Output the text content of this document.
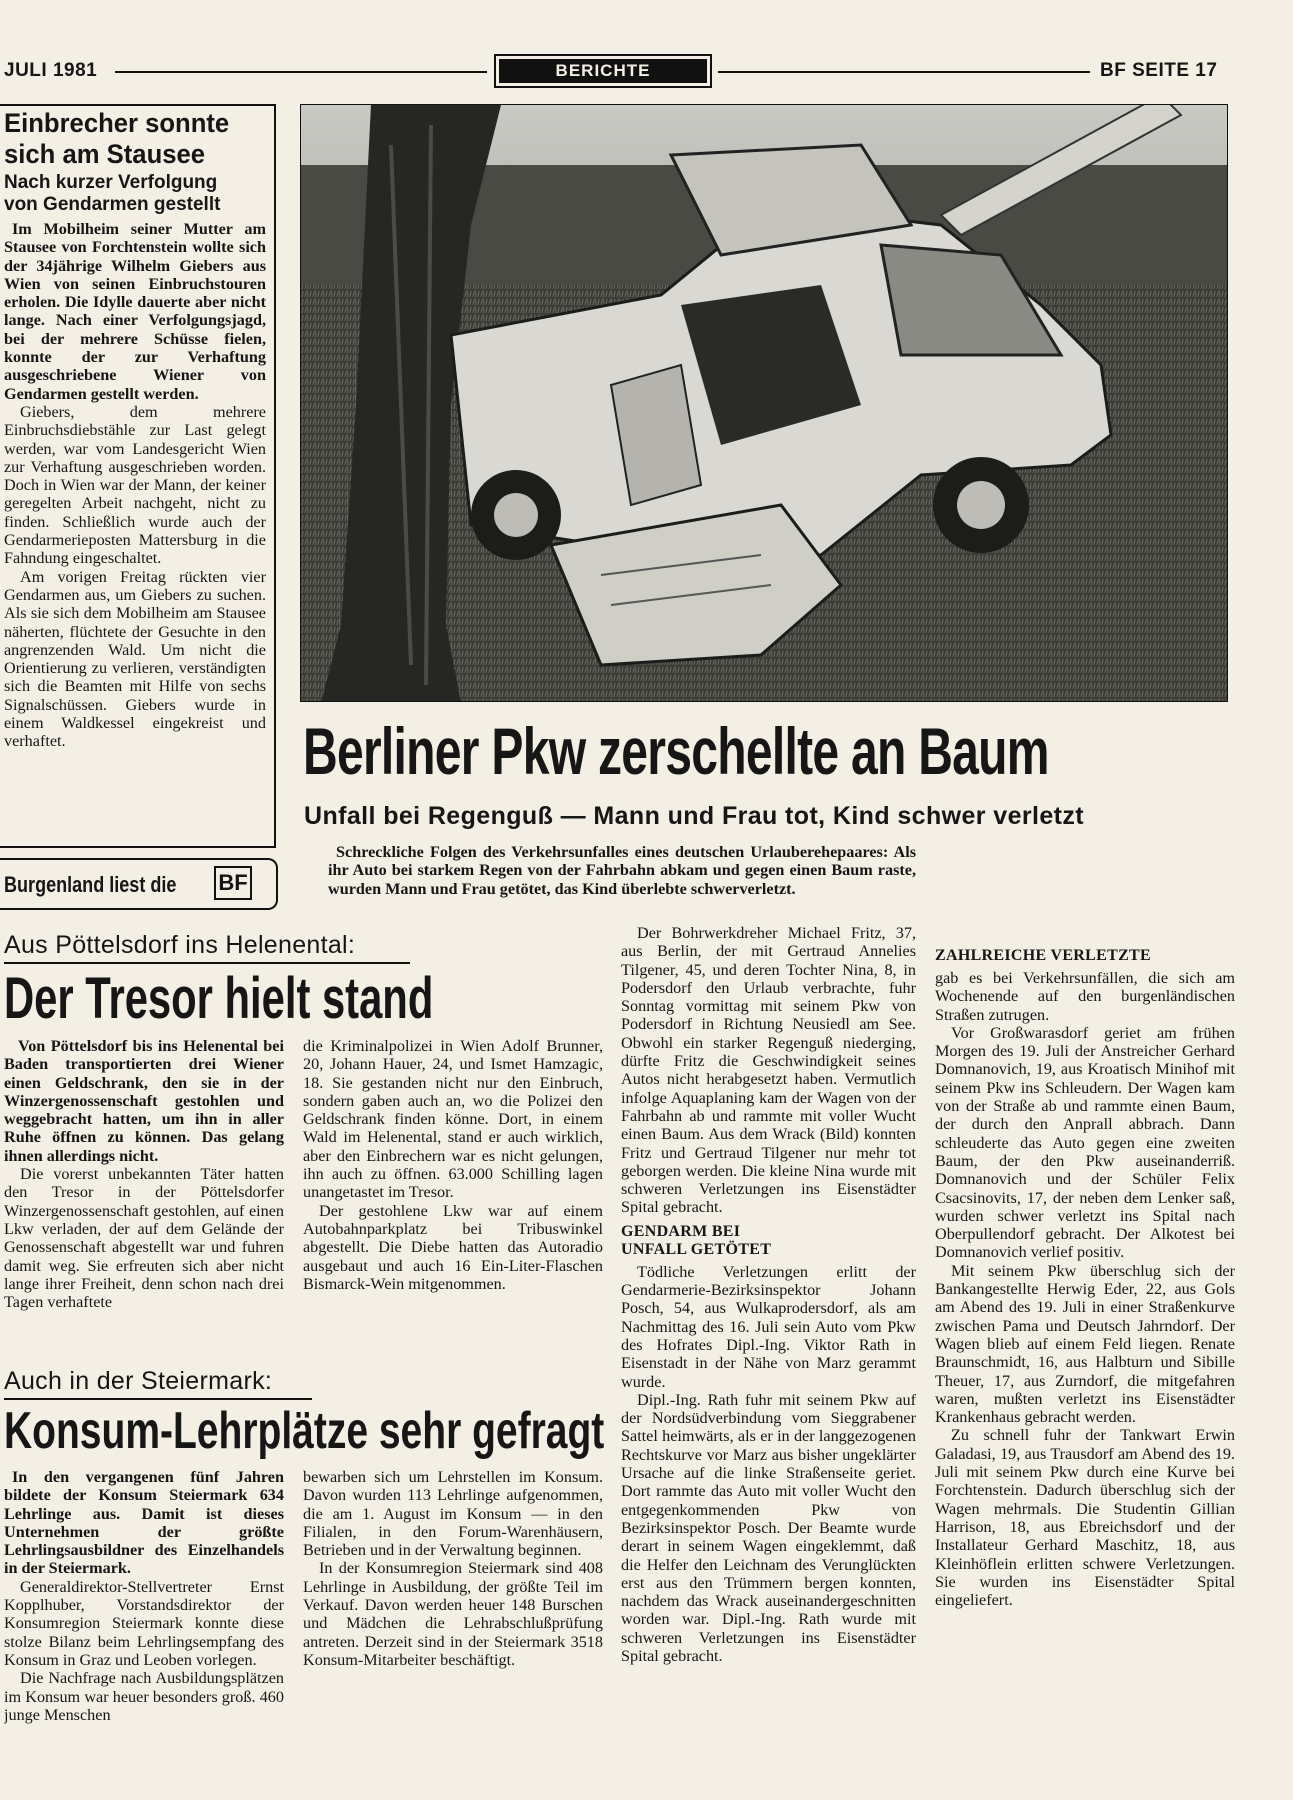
JULI 1981	BERICHTE	BF SEITE 17
Einbrecher sonnte
sich am Stausee
Nach kurzer Verfolgung
von Gendarmen gestellt

Im Mobilheim seiner Mutter am Stausee von Forchtenstein wollte sich der 34jährige Wilhelm Giebers aus Wien von seinen Einbruchstouren erholen. Die Idylle dauerte aber nicht lange. Nach einer Verfolgungsjagd, bei der mehrere Schüsse fielen, konnte der zur Verhaftung ausgeschriebene Wiener von Gendarmen gestellt werden.

Giebers, dem mehrere Einbruchsdiebstähle zur Last gelegt werden, war vom Landesgericht Wien zur Verhaftung ausgeschrieben worden. Doch in Wien war der Mann, der keiner geregelten Arbeit nachgeht, nicht zu finden. Schließlich wurde auch der Gendarmerieposten Mattersburg in die Fahndung eingeschaltet.

Am vorigen Freitag rückten vier Gendarmen aus, um Giebers zu suchen. Als sie sich dem Mobilheim am Stausee näherten, flüchtete der Gesuchte in den angrenzenden Wald. Um nicht die Orientierung zu verlieren, verständigten sich die Beamten mit Hilfe von sechs Signalschüssen. Giebers wurde in einem Waldkessel eingekreist und verhaftet.

Burgenland liest die BF
Berliner Pkw zerschellte an Baum
Unfall bei Regenguß — Mann und Frau tot, Kind schwer verletzt

Schreckliche Folgen des Verkehrsunfalles eines deutschen Urlauberehepaares: Als ihr Auto bei starkem Regen von der Fahrbahn abkam und gegen einen Baum raste, wurden Mann und Frau getötet, das Kind überlebte schwerverletzt.

Der Bohrwerkdreher Michael Fritz, 37, aus Berlin, der mit Gertraud Annelies Tilgener, 45, und deren Tochter Nina, 8, in Podersdorf den Urlaub verbrachte, fuhr Sonntag vormittag mit seinem Pkw von Podersdorf in Richtung Neusiedl am See. Obwohl ein starker Regenguß niederging, dürfte Fritz die Geschwindigkeit seines Autos nicht herabgesetzt haben. Vermutlich infolge Aquaplaning kam der Wagen von der Fahrbahn ab und rammte mit voller Wucht einen Baum. Aus dem Wrack (Bild) konnten Fritz und Gertraud Tilgener nur mehr tot geborgen werden. Die kleine Nina wurde mit schweren Verletzungen ins Eisenstädter Spital gebracht.

GENDARM BEI
UNFALL GETÖTET

Tödliche Verletzungen erlitt der Gendarmerie-Bezirksinspektor Johann Posch, 54, aus Wulkaprodersdorf, als am Nachmittag des 16. Juli sein Auto vom Pkw des Hofrates Dipl.-Ing. Viktor Rath in Eisenstadt in der Nähe von Marz gerammt wurde.

Dipl.-Ing. Rath fuhr mit seinem Pkw auf der Nordsüdverbindung vom Sieggrabener Sattel heimwärts, als er in der langgezogenen Rechtskurve vor Marz aus bisher ungeklärter Ursache auf die linke Straßenseite geriet. Dort rammte das Auto mit voller Wucht den entgegenkommenden Pkw von Bezirksinspektor Posch. Der Beamte wurde derart in seinem Wagen eingeklemmt, daß die Helfer den Leichnam des Verunglückten erst aus den Trümmern bergen konnten, nachdem das Wrack auseinandergeschnitten worden war. Dipl.-Ing. Rath wurde mit schweren Verletzungen ins Eisenstädter Spital gebracht.

ZAHLREICHE VERLETZTE

gab es bei Verkehrsunfällen, die sich am Wochenende auf den burgenländischen Straßen zutrugen.

Vor Großwarasdorf geriet am frühen Morgen des 19. Juli der Anstreicher Gerhard Domnanovich, 19, aus Kroatisch Minihof mit seinem Pkw ins Schleudern. Der Wagen kam von der Straße ab und rammte einen Baum, der durch den Anprall abbrach. Dann schleuderte das Auto gegen eine zweiten Baum, der den Pkw auseinanderriß. Domnanovich und der Schüler Felix Csacsinovits, 17, der neben dem Lenker saß, wurden schwer verletzt ins Spital nach Oberpullendorf gebracht. Der Alkotest bei Domnanovich verlief positiv.

Mit seinem Pkw überschlug sich der Bankangestellte Herwig Eder, 22, aus Gols am Abend des 19. Juli in einer Straßenkurve zwischen Pama und Deutsch Jahrndorf. Der Wagen blieb auf einem Feld liegen. Renate Braunschmidt, 16, aus Halbturn und Sibille Theuer, 17, aus Zurndorf, die mitgefahren waren, mußten verletzt ins Eisenstädter Krankenhaus gebracht werden.

Zu schnell fuhr der Tankwart Erwin Galadasi, 19, aus Trausdorf am Abend des 19. Juli mit seinem Pkw durch eine Kurve bei Forchtenstein. Dadurch überschlug sich der Wagen mehrmals. Die Studentin Gillian Harrison, 18, aus Ebreichsdorf und der Installateur Gerhard Maschitz, 18, aus Kleinhöflein erlitten schwere Verletzungen. Sie wurden ins Eisenstädter Spital eingeliefert.

Aus Pöttelsdorf ins Helenental:
Der Tresor hielt stand

Von Pöttelsdorf bis ins Helenental bei Baden transportierten drei Wiener einen Geldschrank, den sie in der Winzergenossenschaft gestohlen und weggebracht hatten, um ihn in aller Ruhe öffnen zu können. Das gelang ihnen allerdings nicht.

Die vorerst unbekannten Täter hatten den Tresor in der Pöttelsdorfer Winzergenossenschaft gestohlen, auf einen Lkw verladen, der auf dem Gelände der Genossenschaft abgestellt war und fuhren damit weg. Sie erfreuten sich aber nicht lange ihrer Freiheit, denn schon nach drei Tagen verhaftete

die Kriminalpolizei in Wien Adolf Brunner, 20, Johann Hauer, 24, und Ismet Hamzagic, 18. Sie gestanden nicht nur den Einbruch, sondern gaben auch an, wo die Polizei den Geldschrank finden könne. Dort, in einem Wald im Helenental, stand er auch wirklich, aber den Einbrechern war es nicht gelungen, ihn auch zu öffnen. 63.000 Schilling lagen unangetastet im Tresor.

Der gestohlene Lkw war auf einem Autobahnparkplatz bei Tribuswinkel abgestellt. Die Diebe hatten das Autoradio ausgebaut und auch 16 Ein-Liter-Flaschen Bismarck-Wein mitgenommen.

Auch in der Steiermark:
Konsum-Lehrplätze sehr gefragt

In den vergangenen fünf Jahren bildete der Konsum Steiermark 634 Lehrlinge aus. Damit ist dieses Unternehmen der größte Lehrlingsausbildner des Einzelhandels in der Steiermark.

Generaldirektor-Stellvertreter Ernst Kopplhuber, Vorstandsdirektor der Konsumregion Steiermark konnte diese stolze Bilanz beim Lehrlingsempfang des Konsum in Graz und Leoben vorlegen.

Die Nachfrage nach Ausbildungsplätzen im Konsum war heuer besonders groß. 460 junge Menschen

bewarben sich um Lehrstellen im Konsum. Davon wurden 113 Lehrlinge aufgenommen, die am 1. August im Konsum — in den Filialen, in den Forum-Warenhäusern, Betrieben und in der Verwaltung beginnen.

In der Konsumregion Steiermark sind 408 Lehrlinge in Ausbildung, der größte Teil im Verkauf. Davon werden heuer 148 Burschen und Mädchen die Lehrabschlußprüfung antreten. Derzeit sind in der Steiermark 3518 Konsum-Mitarbeiter beschäftigt.
